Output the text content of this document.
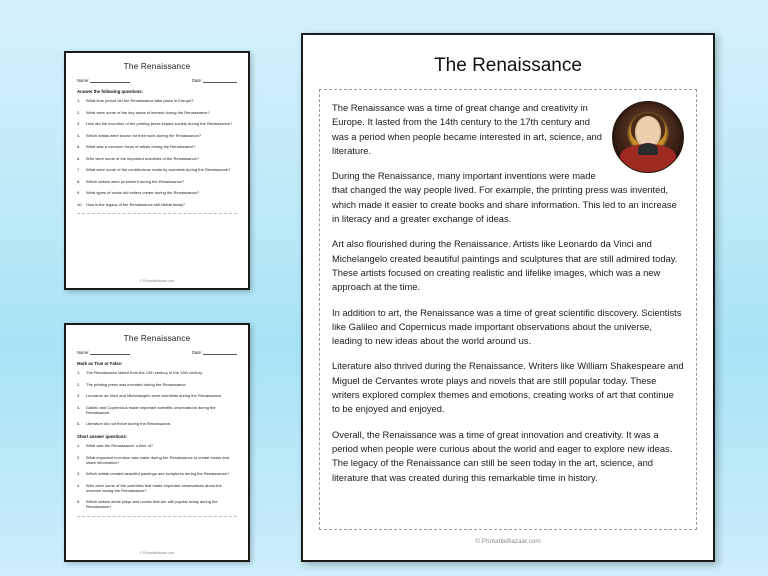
The Renaissance
Name:	Date:
Answer the following questions:
1.	What time period did the Renaissance take place in Europe?
2.	What were some of the key areas of interest during the Renaissance?
3.	How did the invention of the printing press impact society during the Renaissance?
4.	Which artists were known for their work during the Renaissance?
5.	What was a common focus of artists during the Renaissance?
6.	Who were some of the important scientists of the Renaissance?
7.	What were some of the contributions made by scientists during the Renaissance?
8.	Which writers were prominent during the Renaissance?
9.	What types of works did writers create during the Renaissance?
10. How is the legacy of the Renaissance still visible today?
© PrintableBazaar.com
The Renaissance
Name:	Date:
Mark as True or False:
1.	The Renaissance lasted from the 12th century to the 13th century.
2.	The printing press was invented during the Renaissance.
3.	Leonardo da Vinci and Michelangelo were scientists during the Renaissance.
4.	Galileo and Copernicus made important scientific observations during the Renaissance.
5.	Literature did not thrive during the Renaissance.
Short answer questions:
1.	What was the Renaissance a time of?
2.	What important invention was made during the Renaissance to create books and share information?
3.	Which artists created beautiful paintings and sculptures during the Renaissance?
4.	Who were some of the scientists that made important observations about the universe during the Renaissance?
5.	Which writers wrote plays and novels that are still popular today during the Renaissance?
© PrintableBazaar.com
The Renaissance

The Renaissance was a time of great change and creativity in Europe. It lasted from the 14th century to the 17th century and was a period when people became interested in art, science, and literature.

During the Renaissance, many important inventions were made that changed the way people lived. For example, the printing press was invented, which made it easier to create books and share information. This led to an increase in literacy and a greater exchange of ideas.

Art also flourished during the Renaissance. Artists like Leonardo da Vinci and Michelangelo created beautiful paintings and sculptures that are still admired today. These artists focused on creating realistic and lifelike images, which was a new approach at the time.

In addition to art, the Renaissance was a time of great scientific discovery. Scientists like Galileo and Copernicus made important observations about the universe, leading to new ideas about the world around us.

Literature also thrived during the Renaissance. Writers like William Shakespeare and Miguel de Cervantes wrote plays and novels that are still popular today. These writers explored complex themes and emotions, creating works of art that continue to be enjoyed and enjoyed.

Overall, the Renaissance was a time of great innovation and creativity. It was a period when people were curious about the world and eager to explore new ideas. The legacy of the Renaissance can still be seen today in the art, science, and literature that was created during this remarkable time in history.

© PrintableBazaar.com
